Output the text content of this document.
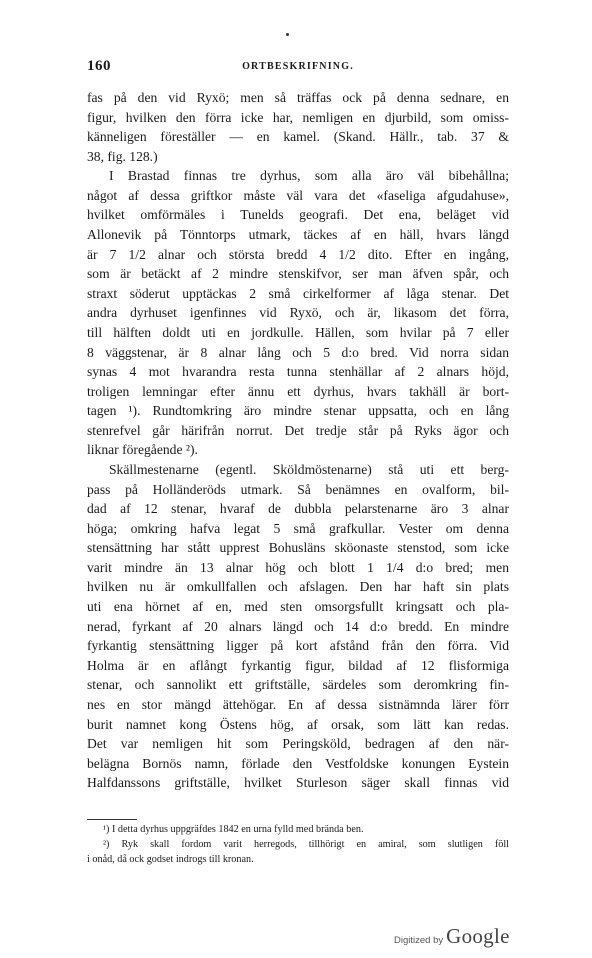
160	ORTBESKRIFNING.
fas på den vid Ryxö; men så träffas ock på denna sednare, en
figur, hvilken den förra icke har, nemligen en djurbild, som omiss-
känneligen föreställer — en kamel. (Skand. Hällr., tab. 37 &
38, fig. 128.)
I Brastad finnas tre dyrhus, som alla äro väl bibehållna;
något af dessa griftkor måste väl vara det «faseliga afgudahuse»,
hvilket omförmäles i Tunelds geografi. Det ena, beläget vid
Allonevik på Tönntorps utmark, täckes af en häll, hvars längd
är 7 1/2 alnar och största bredd 4 1/2 dito. Efter en ingång,
som är betäckt af 2 mindre stenskifvor, ser man äfven spår, och
straxt söderut upptäckas 2 små cirkelformer af låga stenar. Det
andra dyrhuset igenfinnes vid Ryxö, och är, likasom det förra,
till hälften doldt uti en jordkulle. Hällen, som hvilar på 7 eller
8 väggstenar, är 8 alnar lång och 5 d:o bred. Vid norra sidan
synas 4 mot hvarandra resta tunna stenhällar af 2 alnars höjd,
troligen lemningar efter ännu ett dyrhus, hvars takhäll är bort-
tagen ¹). Rundtomkring äro mindre stenar uppsatta, och en lång
stenrefvel går härifrån norrut. Det tredje står på Ryks ägor och
liknar föregående ²).
Skällmestenarne (egentl. Sköldmöstenarne) stå uti ett berg-
pass på Holländeröds utmark. Så benämnes en ovalform, bil-
dad af 12 stenar, hvaraf de dubbla pelarstenarne äro 3 alnar
höga; omkring hafva legat 5 små grafkullar. Vester om denna
stensättning har stått upprest Bohusläns sköonaste stenstod, som icke
varit mindre än 13 alnar hög och blott 1 1/4 d:o bred; men
hvilken nu är omkullfallen och afslagen. Den har haft sin plats
uti ena hörnet af en, med sten omsorgsfullt kringsatt och pla-
nerad, fyrkant af 20 alnars längd och 14 d:o bredd. En mindre
fyrkantig stensättning ligger på kort afstånd från den förra. Vid
Holma är en aflångt fyrkantig figur, bildad af 12 flisformiga
stenar, och sannolikt ett griftställe, särdeles som deromkring fin-
nes en stor mängd ättehögar. En af dessa sistnämnda lärer förr
burit namnet kong Östens hög, af orsak, som lätt kan redas.
Det var nemligen hit som Peringsköld, bedragen af den när-
belägna Bornös namn, förlade den Vestfoldske konungen Eystein
Halfdanssons griftställe, hvilket Sturleson säger skall finnas vid
¹) I detta dyrhus uppgräfdes 1842 en urna fylld med brända ben.
²) Ryk skall fordom varit herregods, tillhörigt en amiral, som slutligen föll
i onåd, då ock godset indrogs till kronan.
Digitized by Google
